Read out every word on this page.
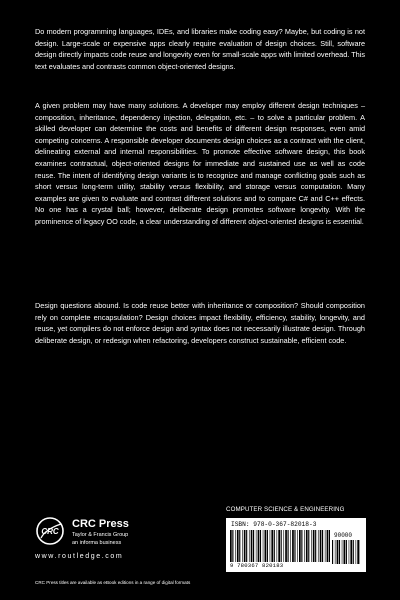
Do modern programming languages, IDEs, and libraries make coding easy? Maybe, but coding is not design. Large-scale or expensive apps clearly require evaluation of design choices. Still, software design directly impacts code reuse and longevity even for small-scale apps with limited overhead. This text evaluates and contrasts common object-oriented designs.

A given problem may have many solutions. A developer may employ different design techniques – composition, inheritance, dependency injection, delegation, etc. – to solve a particular problem. A skilled developer can determine the costs and benefits of different design responses, even amid competing concerns. A responsible developer documents design choices as a contract with the client, delineating external and internal responsibilities. To promote effective software design, this book examines contractual, object-oriented designs for immediate and sustained use as well as code reuse. The intent of identifying design variants is to recognize and manage conflicting goals such as short versus long-term utility, stability versus flexibility, and storage versus computation. Many examples are given to evaluate and contrast different solutions and to compare C# and C++ effects. No one has a crystal ball; however, deliberate design promotes software longevity. With the prominence of legacy OO code, a clear understanding of different object-oriented designs is essential.

Design questions abound. Is code reuse better with inheritance or composition? Should composition rely on complete encapsulation? Design choices impact flexibility, efficiency, stability, longevity, and reuse, yet compilers do not enforce design and syntax does not necessarily illustrate design. Through deliberate design, or redesign when refactoring, developers construct sustainable, efficient code.

CRC
CRC Press
Taylor & Francis Group
an informa business
www.routledge.com
CRC Press titles are available as eBook editions in a range of digital formats
COMPUTER SCIENCE & ENGINEERING
ISBN: 978-0-367-82018-3
90000
9 780367 820183
